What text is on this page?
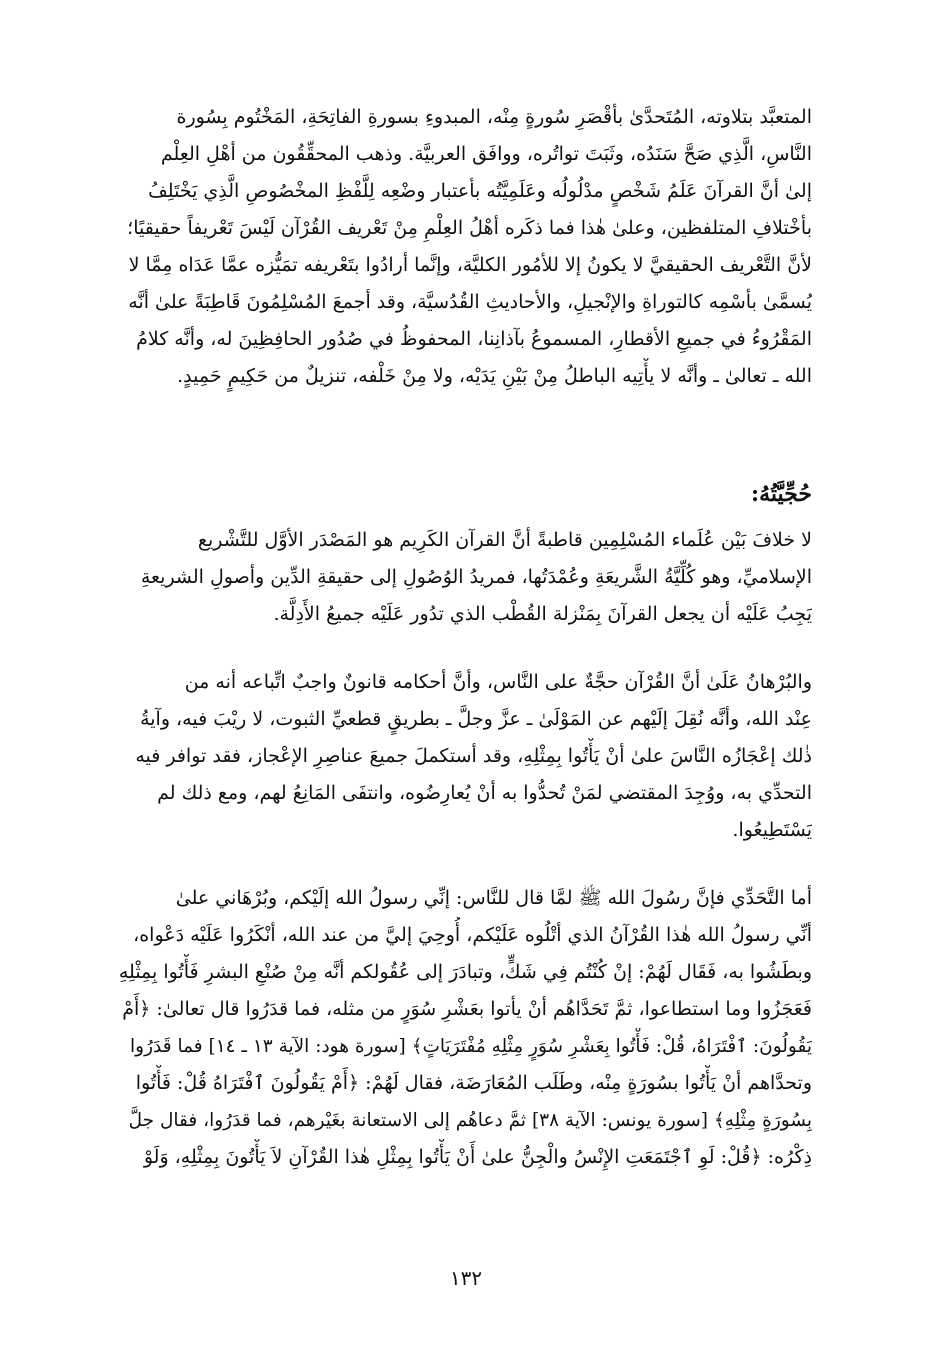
المتعبَّد بتلاوته، المُتَحدَّىٰ بأقْصَرِ سُورةٍ مِنْه، المبدوءِ بسورةِ الفاتِحَةِ، المَخْتُوم بِسُورة
النَّاسِ، الَّذِي صَحَّ سَنَدُه، وثَبَتَ تواتُره، ووافَق العربيَّة. وذهب المحقِّقُون من أهْلِ العِلْم
إلىٰ أنَّ القرآنَ عَلَمُ شَخْصٍ مدْلُولُه وعَلَمِيَّتُه بأعتبار وضْعِه لِلَّفْظِ المخْصُوصِ الَّذِي يَخْتَلِفُ
بأخْتلافِ المتلفظين، وعلىٰ هٰذا فما ذكَره أهْلُ العِلْمِ مِنْ تَعْريف القُرْآن لَيْسَ تَعْريفاً حقيقيًا؛
لأنَّ التَّعْريف الحقيقيَّ لا يكونُ إلا للأمُور الكليَّة، وإنَّما أرادُوا بتَعْريفه تمَيُّزه عمَّا عَدَاه مِمَّا لا
يُسمَّىٰ بأسْمِه كالتوراةِ والإنْجيلِ، والأحاديثِ القُدُسيَّة، وقد أجمعَ المُسْلِمُونَ قَاطِبَةً علىٰ أنَّه
المَقْرُوءُ في جميعِ الأقطارِ، المسموعُ بآذانِنا، المحفوظُ في صُدُور الحافِظِينَ له، وأنَّه كلامُ
الله ـ تعالىٰ ـ وأنَّه لا يأْتِيه الباطلُ مِنْ بَيْنِ يَدَيْه، ولا مِنْ خَلْفه، تنزيلٌ من حَكِيمٍ حَمِيدٍ.
حُجِّيَّتُهُ:
لا خلافَ بَيْن عُلَماء المُسْلِمِين قاطبةً أنَّ القرآن الكَرِيم هو المَصْدَر الأوَّل للتَّشْريع
الإسلاميِّ، وهو كُلِّيَّةُ الشَّريعَةِ وعُمْدَتُها، فمريدُ الوُصُولِ إلى حقيقةِ الدِّين وأصولِ الشريعةِ
يَجِبُ عَلَيْه أن يجعل القرآنَ بِمَنْزلة القُطْب الذي تدُور عَلَيْه جميعُ الأَدِلَّة.
والبُرْهانُ عَلَىٰ أنَّ القُرْآن حجَّةٌ على النَّاس، وأنَّ أحكامه قانونٌ واجبٌ اتِّباعه أنه من
عِنْد الله، وأنَّه نُقِلَ إلَيْهم عن المَوْلَىٰ ـ عزَّ وجلَّ ـ بطريقٍ قطعيِّ الثبوت، لا ريْبَ فيه، وآيةُ
ذٰلك إعْجَازُه النَّاسَ علىٰ أنْ يَأْتُوا بِمِثْلِهِ، وقد أستكملَ جميعَ عناصِرِ الإعْجاز، فقد توافر فيه
التحدِّي به، ووُجِدَ المقتضي لمَنْ تُحدُّوا به أنْ يُعارِضُوه، وانتفَى المَانِعُ لهم، ومع ذلك لم
يَسْتَطِيعُوا.
أما التَّحَدِّي فإنَّ رسُولَ الله ﷺ لمَّا قال للنَّاس: إنِّي رسولُ الله إلَيْكم، وبُرْهَاني علىٰ
أنِّي رسولُ الله هٰذا القُرْآنُ الذي أتْلُوه عَلَيْكم، أُوحِيَ إليَّ من عند الله، أنْكَرُوا عَلَيْه دَعْواه،
وبطَشُوا به، فَقَال لَهُمْ: إنْ كُنْتُم فِي شَكٍّ، وتبادَرَ إلى عُقُولكم أنَّه مِنْ صُنْعِ البشرِ فَأْتُوا بِمِثْلِهِ
فَعَجَزُوا وما استطاعوا، ثمَّ تَحَدَّاهُم أنْ يأتوا بعَشْرِ سُوَرٍ من مثله، فما قدَرُوا قال تعالىٰ: ﴿أَمْ
يَقُولُونَ: ٱفْتَرَاهُ، قُلْ: فَأْتُوا بِعَشْرِ سُوَرٍ مِثْلِهِ مُفْتَرَيَاتٍ﴾ [سورة هود: الآية ١٣ ـ ١٤] فما قَدَرُوا
وتحدَّاهم أنْ يَأْتُوا بسُورَةٍ مِنْه، وطَلَب المُعَارَضَة، فقال لَهُمْ: ﴿أَمْ يَقُولُونَ ٱفْتَرَاهُ قُلْ: فَأْتُوا
بِسُورَةٍ مِثْلِهِ﴾ [سورة يونس: الآية ٣٨] ثمَّ دعاهُم إلى الاستعانة بغَيْرهم، فما قدَرُوا، فقال جلَّ
ذِكْرُه: ﴿قُلْ: لَوِ ٱجْتَمَعَتِ الإِنْسُ والْجِنُّ علىٰ أَنْ يَأْتُوا بِمِثْلِ هٰذا القُرْآنِ لاَ يَأْتُونَ بِمِثْلِهِ، وَلَوْ
١٣٢
